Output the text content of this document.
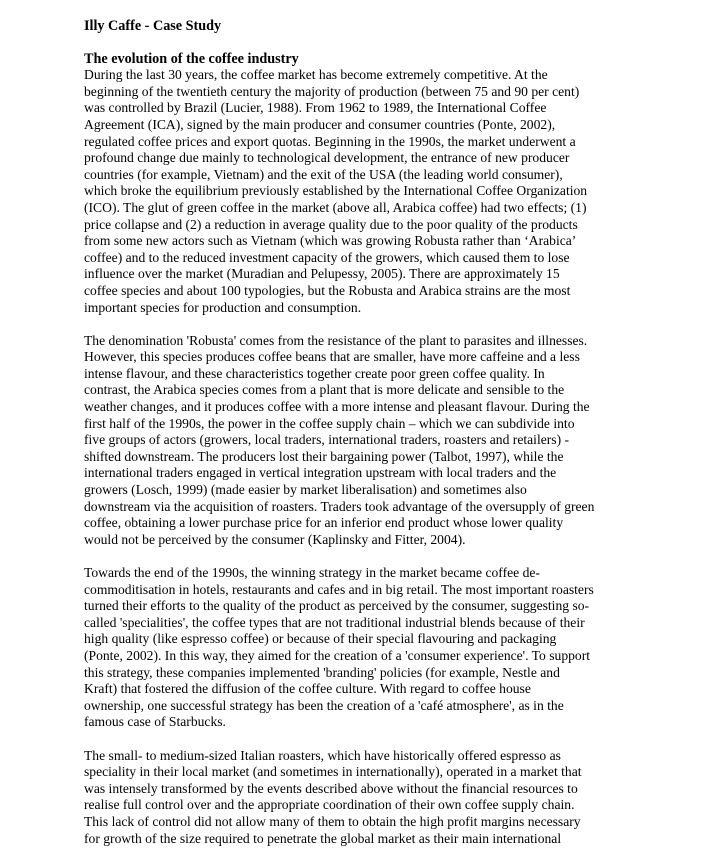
Illy Caffe - Case Study
The evolution of the coffee industry

During the last 30 years, the coffee market has become extremely competitive. At the
beginning of the twentieth century the majority of production (between 75 and 90 per cent)
was controlled by Brazil (Lucier, 1988). From 1962 to 1989, the International Coffee
Agreement (ICA), signed by the main producer and consumer countries (Ponte, 2002),
regulated coffee prices and export quotas. Beginning in the 1990s, the market underwent a
profound change due mainly to technological development, the entrance of new producer
countries (for example, Vietnam) and the exit of the USA (the leading world consumer),
which broke the equilibrium previously established by the International Coffee Organization
(ICO). The glut of green coffee in the market (above all, Arabica coffee) had two effects; (1)
price collapse and (2) a reduction in average quality due to the poor quality of the products
from some new actors such as Vietnam (which was growing Robusta rather than ‘Arabica’
coffee) and to the reduced investment capacity of the growers, which caused them to lose
influence over the market (Muradian and Pelupessy, 2005). There are approximately 15
coffee species and about 100 typologies, but the Robusta and Arabica strains are the most
important species for production and consumption.

The denomination 'Robusta' comes from the resistance of the plant to parasites and illnesses.
However, this species produces coffee beans that are smaller, have more caffeine and a less
intense flavour, and these characteristics together create poor green coffee quality. In
contrast, the Arabica species comes from a plant that is more delicate and sensible to the
weather changes, and it produces coffee with a more intense and pleasant flavour. During the
first half of the 1990s, the power in the coffee supply chain – which we can subdivide into
five groups of actors (growers, local traders, international traders, roasters and retailers) -
shifted downstream. The producers lost their bargaining power (Talbot, 1997), while the
international traders engaged in vertical integration upstream with local traders and the
growers (Losch, 1999) (made easier by market liberalisation) and sometimes also
downstream via the acquisition of roasters. Traders took advantage of the oversupply of green
coffee, obtaining a lower purchase price for an inferior end product whose lower quality
would not be perceived by the consumer (Kaplinsky and Fitter, 2004).

Towards the end of the 1990s, the winning strategy in the market became coffee de-
commoditisation in hotels, restaurants and cafes and in big retail. The most important roasters
turned their efforts to the quality of the product as perceived by the consumer, suggesting so-
called 'specialities', the coffee types that are not traditional industrial blends because of their
high quality (like espresso coffee) or because of their special flavouring and packaging
(Ponte, 2002). In this way, they aimed for the creation of a 'consumer experience'. To support
this strategy, these companies implemented 'branding' policies (for example, Nestle and
Kraft) that fostered the diffusion of the coffee culture. With regard to coffee house
ownership, one successful strategy has been the creation of a 'café atmosphere', as in the
famous case of Starbucks.

The small- to medium-sized Italian roasters, which have historically offered espresso as
speciality in their local market (and sometimes in internationally), operated in a market that
was intensely transformed by the events described above without the financial resources to
realise full control over and the appropriate coordination of their own coffee supply chain.
This lack of control did not allow many of them to obtain the high profit margins necessary
for growth of the size required to penetrate the global market as their main international
